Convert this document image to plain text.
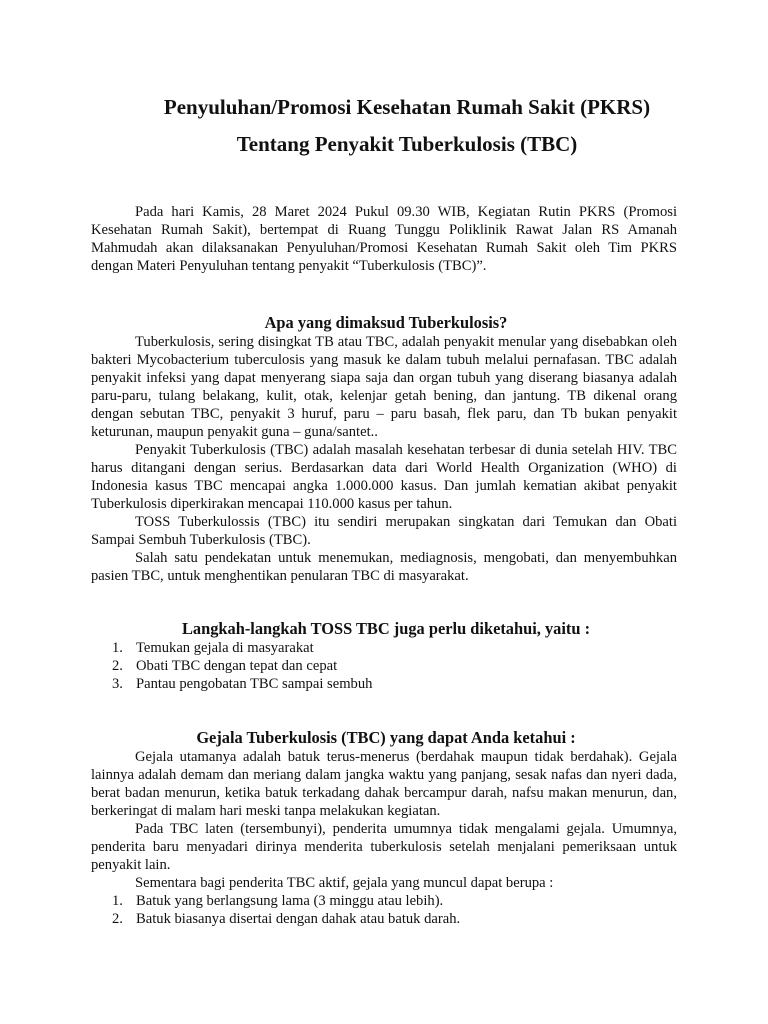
Penyuluhan/Promosi Kesehatan Rumah Sakit (PKRS)
Tentang Penyakit Tuberkulosis (TBC)

Pada hari Kamis, 28 Maret 2024 Pukul 09.30 WIB, Kegiatan Rutin PKRS (Promosi Kesehatan Rumah Sakit), bertempat di Ruang Tunggu Poliklinik Rawat Jalan RS Amanah Mahmudah akan dilaksanakan Penyuluhan/Promosi Kesehatan Rumah Sakit oleh Tim PKRS dengan Materi Penyuluhan tentang penyakit “Tuberkulosis (TBC)”.

Apa yang dimaksud Tuberkulosis?

Tuberkulosis, sering disingkat TB atau TBC, adalah penyakit menular yang disebabkan oleh bakteri Mycobacterium tuberculosis yang masuk ke dalam tubuh melalui pernafasan. TBC adalah penyakit infeksi yang dapat menyerang siapa saja dan organ tubuh yang diserang biasanya adalah paru-paru, tulang belakang, kulit, otak, kelenjar getah bening, dan jantung. TB dikenal orang dengan sebutan TBC, penyakit 3 huruf, paru – paru basah, flek paru, dan Tb bukan penyakit keturunan, maupun penyakit guna – guna/santet..

Penyakit Tuberkulosis (TBC) adalah masalah kesehatan terbesar di dunia setelah HIV. TBC harus ditangani dengan serius. Berdasarkan data dari World Health Organization (WHO) di Indonesia kasus TBC mencapai angka 1.000.000 kasus. Dan jumlah kematian akibat penyakit Tuberkulosis diperkirakan mencapai 110.000 kasus per tahun.

TOSS Tuberkulossis (TBC) itu sendiri merupakan singkatan dari Temukan dan Obati Sampai Sembuh Tuberkulosis (TBC).

Salah satu pendekatan untuk menemukan, mediagnosis, mengobati, dan menyembuhkan pasien TBC, untuk menghentikan penularan TBC di masyarakat.

Langkah-langkah TOSS TBC juga perlu diketahui, yaitu :
1. Temukan gejala di masyarakat
2. Obati TBC dengan tepat dan cepat
3. Pantau pengobatan TBC sampai sembuh
Gejala Tuberkulosis (TBC) yang dapat Anda ketahui :

Gejala utamanya adalah batuk terus-menerus (berdahak maupun tidak berdahak). Gejala lainnya adalah demam dan meriang dalam jangka waktu yang panjang, sesak nafas dan nyeri dada, berat badan menurun, ketika batuk terkadang dahak bercampur darah, nafsu makan menurun, dan, berkeringat di malam hari meski tanpa melakukan kegiatan.

Pada TBC laten (tersembunyi), penderita umumnya tidak mengalami gejala. Umumnya, penderita baru menyadari dirinya menderita tuberkulosis setelah menjalani pemeriksaan untuk penyakit lain.

Sementara bagi penderita TBC aktif, gejala yang muncul dapat berupa :

1. Batuk yang berlangsung lama (3 minggu atau lebih).
2. Batuk biasanya disertai dengan dahak atau batuk darah.
